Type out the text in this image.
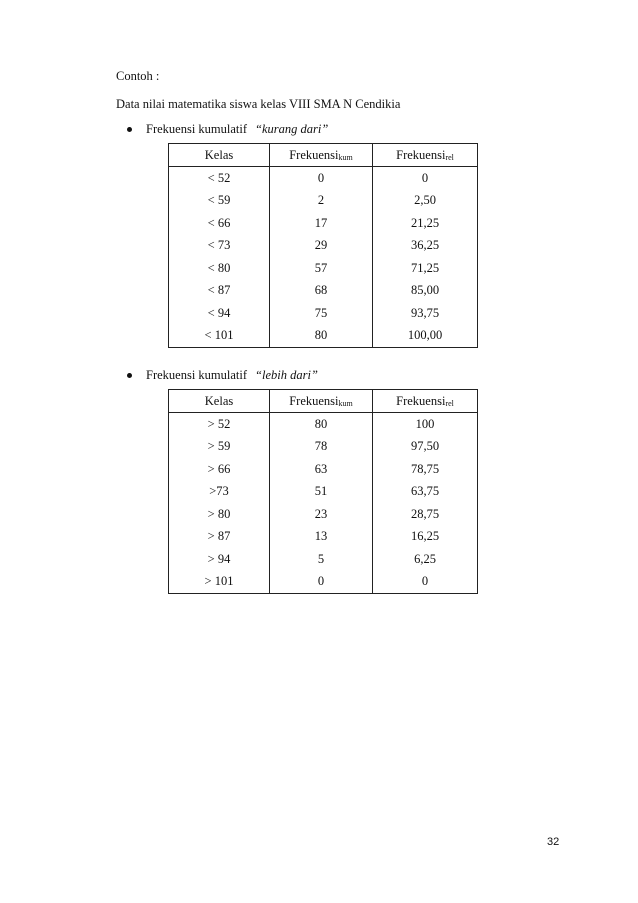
Contoh :
Data nilai matematika siswa kelas VIII SMA N Cendikia
Frekuensi kumulatif “kurang dari”
Kelas	Frekuensikum	Frekuensirel
< 52	0	0
< 59	2	2,50
< 66	17	21,25
< 73	29	36,25
< 80	57	71,25
< 87	68	85,00
< 94	75	93,75
< 101	80	100,00
Frekuensi kumulatif “lebih dari”
Kelas	Frekuensikum	Frekuensirel
> 52	80	100
> 59	78	97,50
> 66	63	78,75
>73	51	63,75
> 80	23	28,75
> 87	13	16,25
> 94	5	6,25
> 101	0	0
32
